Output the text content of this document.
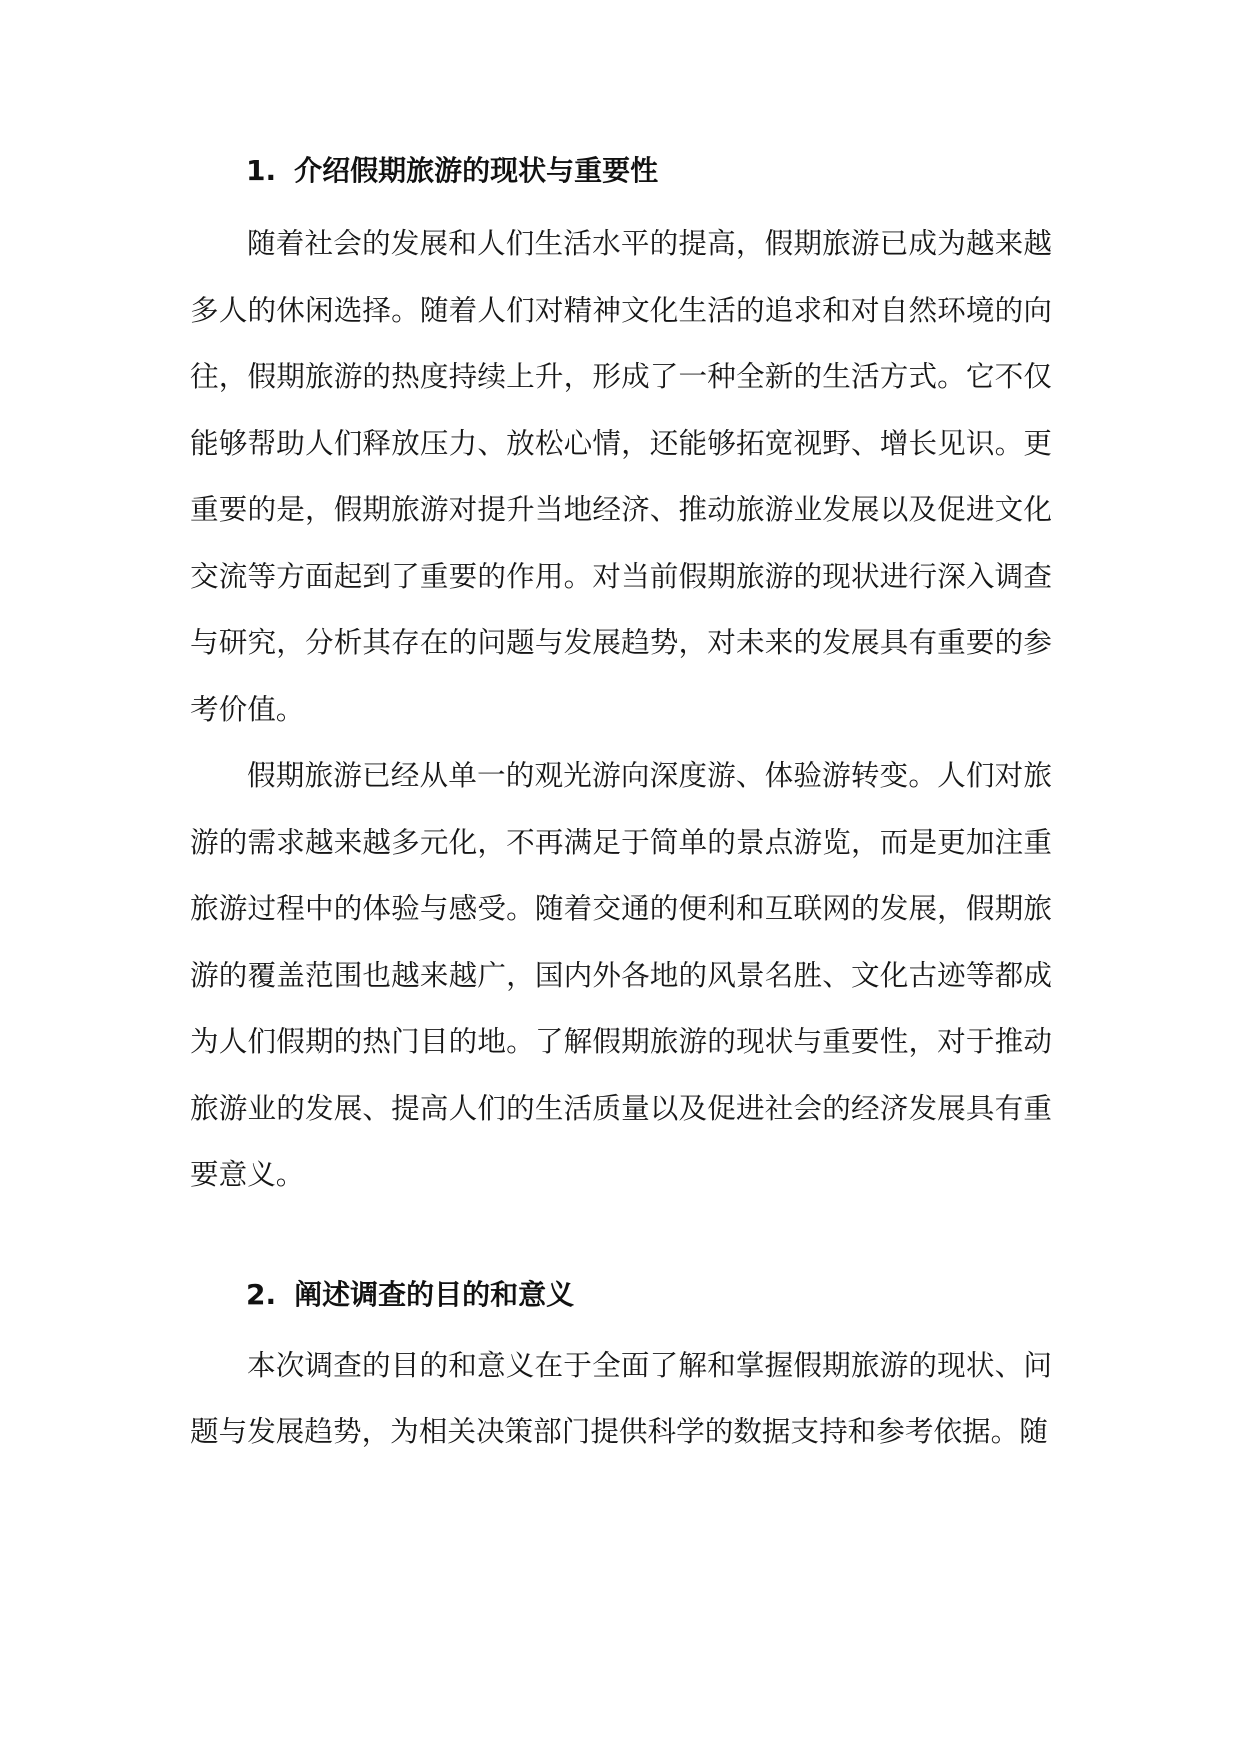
1. 介绍假期旅游的现状与重要性

随着社会的发展和人们生活水平的提高，假期旅游已成为越来越多人的休闲选择。随着人们对精神文化生活的追求和对自然环境的向往，假期旅游的热度持续上升，形成了一种全新的生活方式。它不仅能够帮助人们释放压力、放松心情，还能够拓宽视野、增长见识。更重要的是，假期旅游对提升当地经济、推动旅游业发展以及促进文化交流等方面起到了重要的作用。对当前假期旅游的现状进行深入调查与研究，分析其存在的问题与发展趋势，对未来的发展具有重要的参考价值。

假期旅游已经从单一的观光游向深度游、体验游转变。人们对旅游的需求越来越多元化，不再满足于简单的景点游览，而是更加注重旅游过程中的体验与感受。随着交通的便利和互联网的发展，假期旅游的覆盖范围也越来越广，国内外各地的风景名胜、文化古迹等都成为人们假期的热门目的地。了解假期旅游的现状与重要性，对于推动旅游业的发展、提高人们的生活质量以及促进社会的经济发展具有重要意义。

2. 阐述调查的目的和意义

本次调查的目的和意义在于全面了解和掌握假期旅游的现状、问题与发展趋势，为相关决策部门提供科学的数据支持和参考依据。随
